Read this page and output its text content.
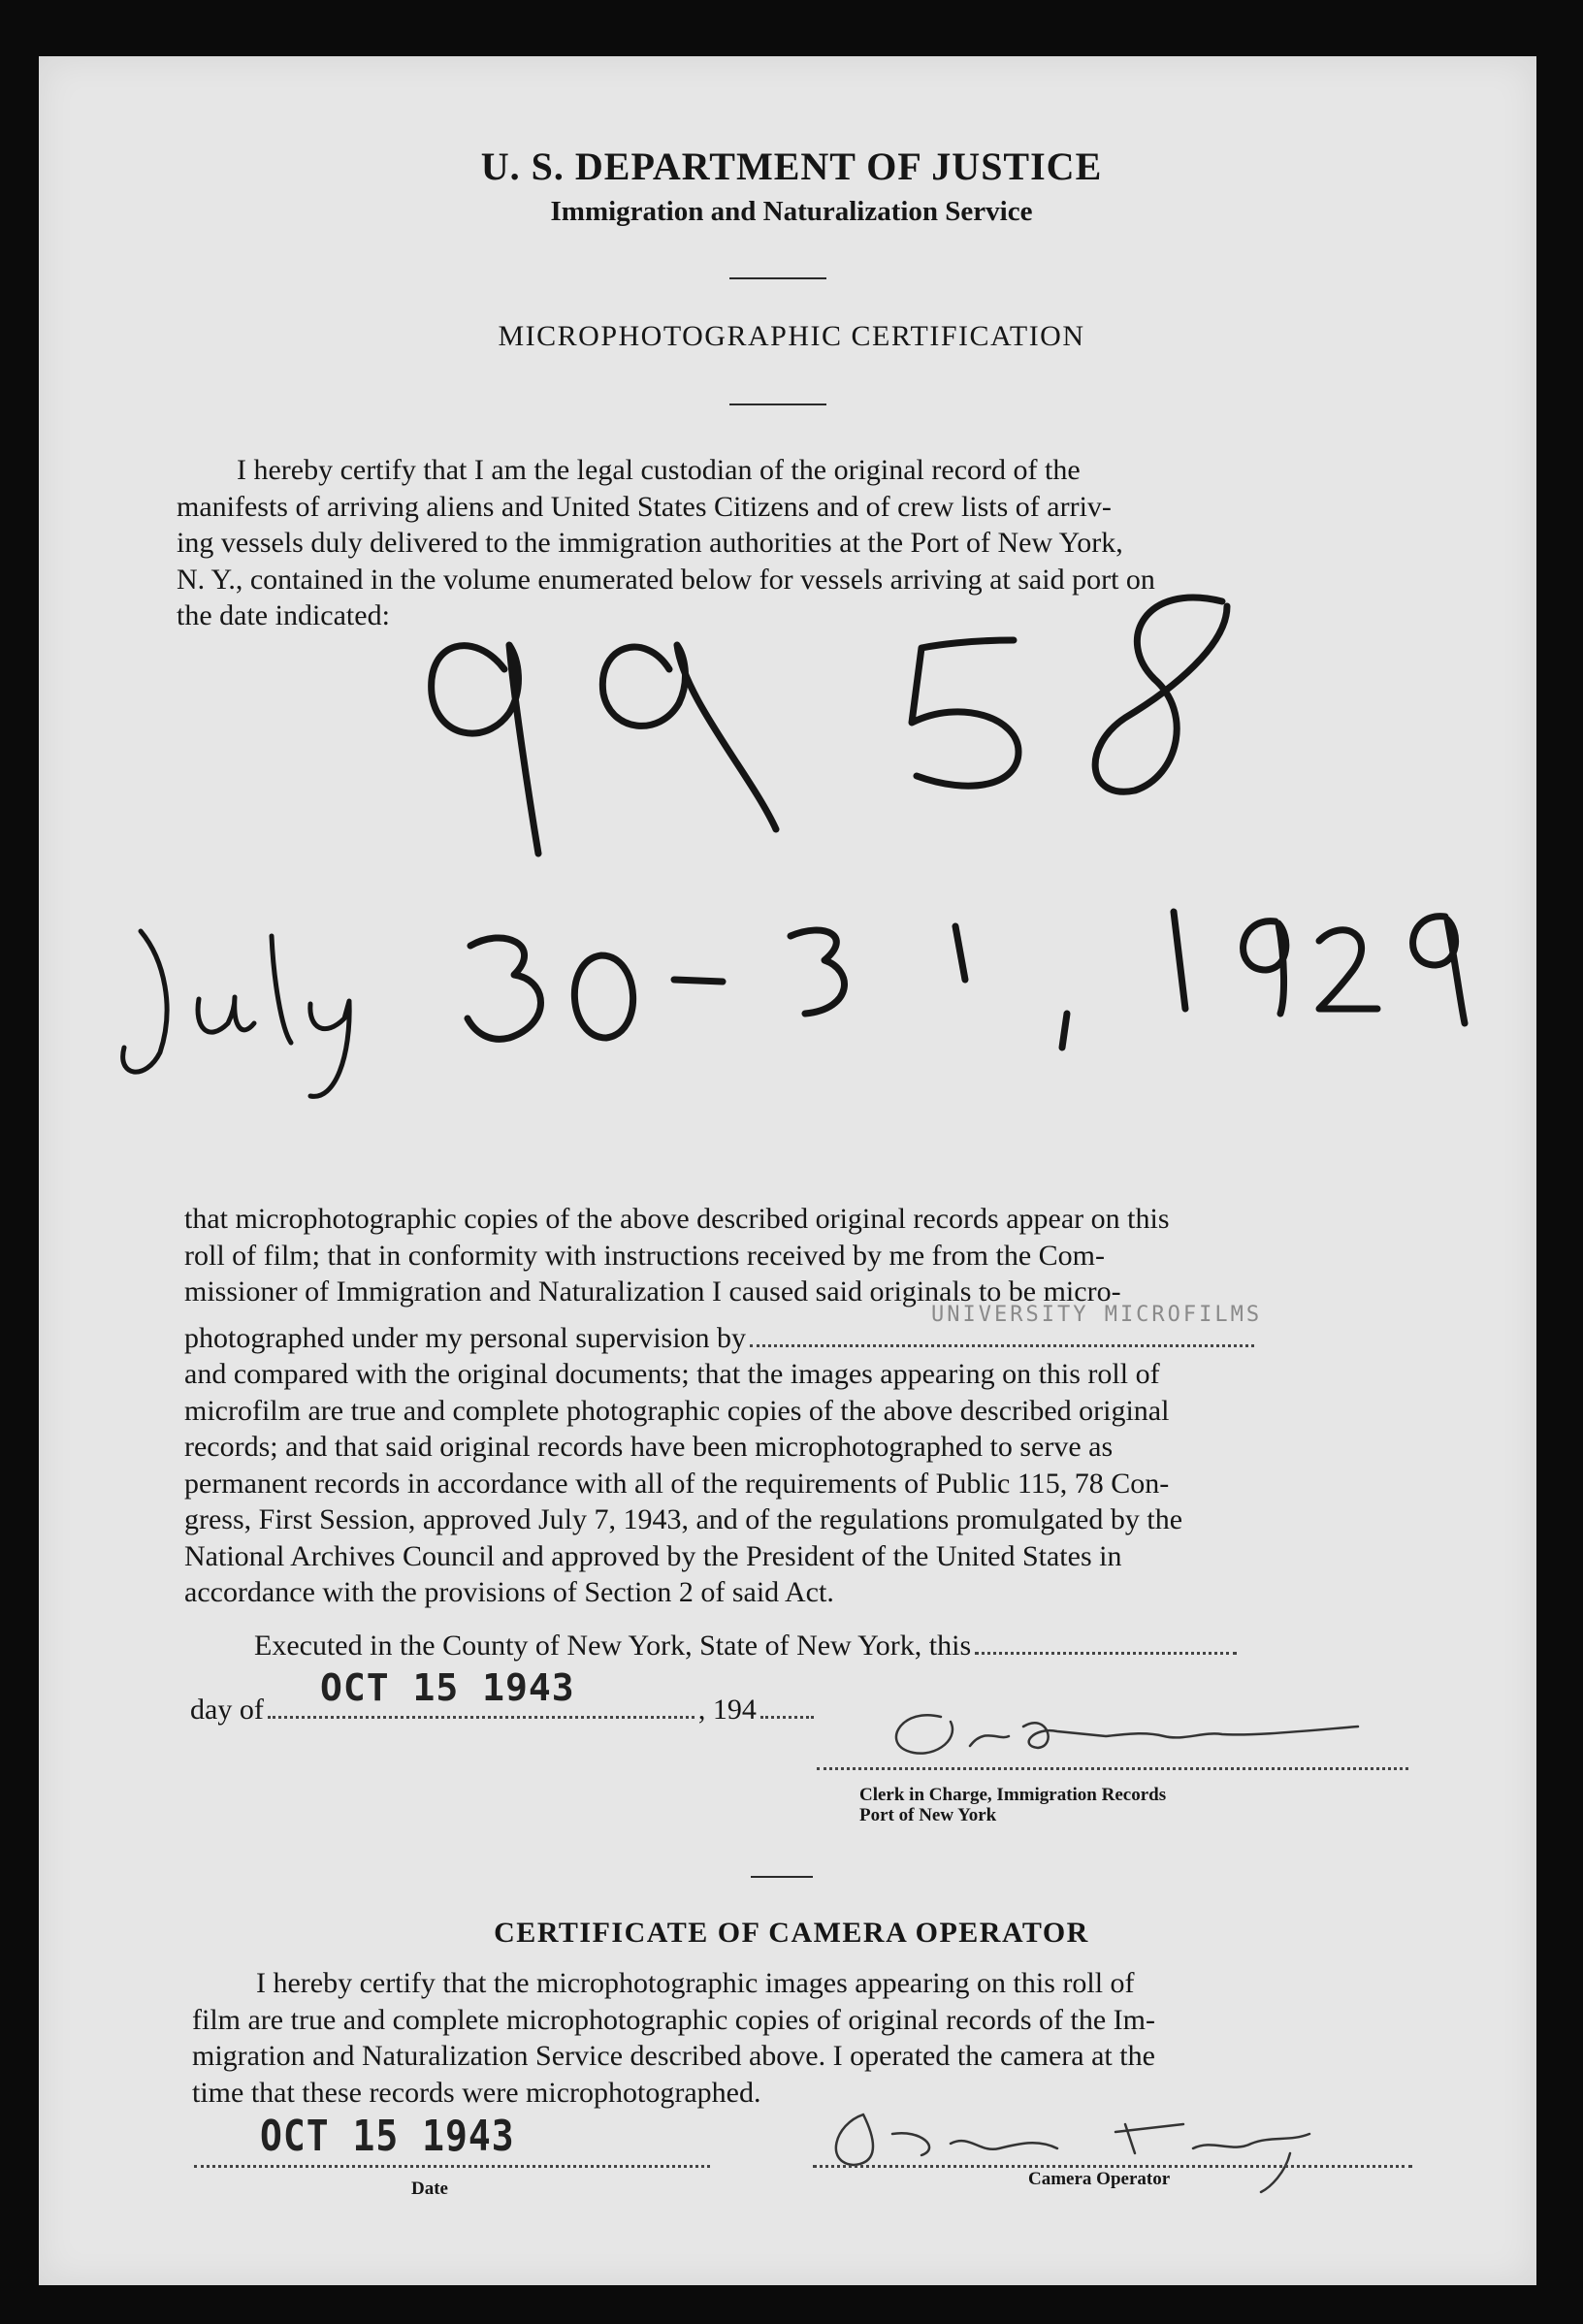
U. S. DEPARTMENT OF JUSTICE
Immigration and Naturalization Service
MICROPHOTOGRAPHIC CERTIFICATION
I hereby certify that I am the legal custodian of the original record of the
manifests of arriving aliens and United States Citizens and of crew lists of arriv-
ing vessels duly delivered to the immigration authorities at the Port of New York,
N. Y., contained in the volume enumerated below for vessels arriving at said port on
the date indicated:
that microphotographic copies of the above described original records appear on this
roll of film; that in conformity with instructions received by me from the Com-
missioner of Immigration and Naturalization I caused said originals to be micro-
photographed under my personal supervision by
UNIVERSITY MICROFILMS
and compared with the original documents; that the images appearing on this roll of
microfilm are true and complete photographic copies of the above described original
records; and that said original records have been microphotographed to serve as
permanent records in accordance with all of the requirements of Public 115, 78 Con-
gress, First Session, approved July 7, 1943, and of the regulations promulgated by the
National Archives Council and approved by the President of the United States in
accordance with the provisions of Section 2 of said Act.
Executed in the County of New York, State of New York, this
day of	, 194
OCT 15 1943
Clerk in Charge, Immigration Records
Port of New York
CERTIFICATE OF CAMERA OPERATOR
I hereby certify that the microphotographic images appearing on this roll of
film are true and complete microphotographic copies of original records of the Im-
migration and Naturalization Service described above. I operated the camera at the
time that these records were microphotographed.
OCT 15 1943
Date	Camera Operator
